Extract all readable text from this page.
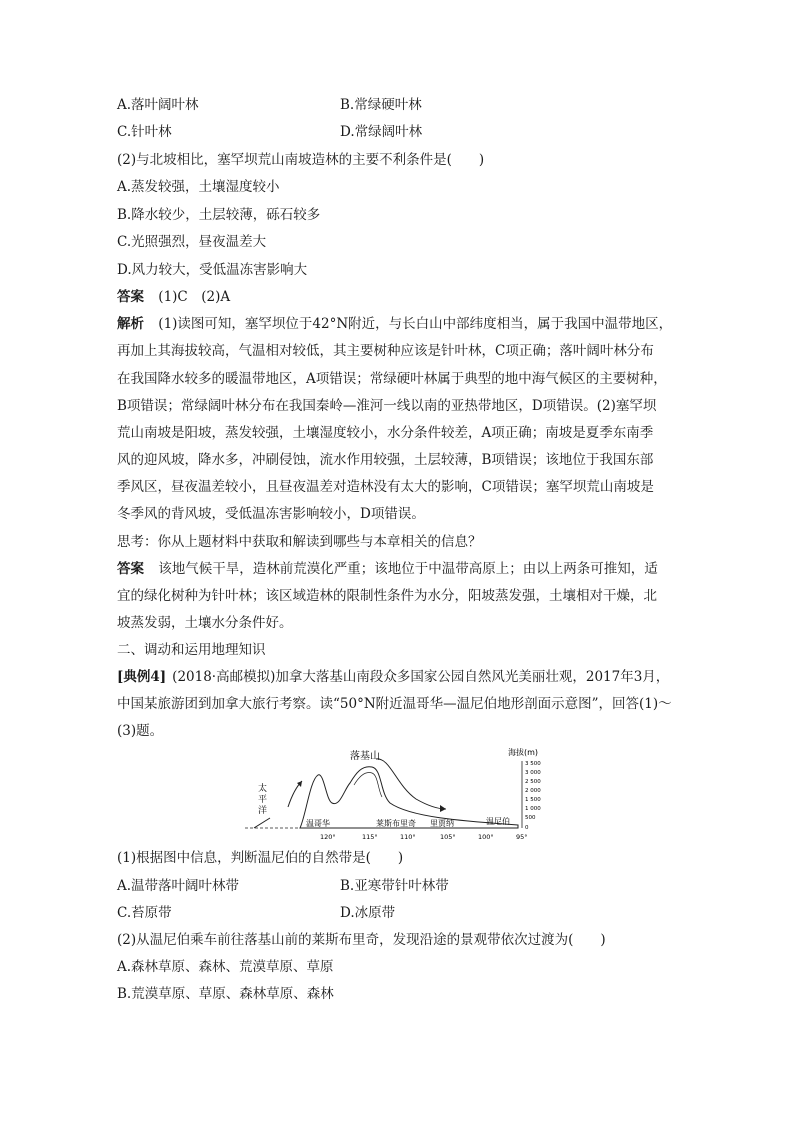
A.落叶阔叶林	B.常绿硬叶林
C.针叶林	D.常绿阔叶林
(2)与北坡相比，塞罕坝荒山南坡造林的主要不利条件是(　　)
A.蒸发较强，土壤湿度较小
B.降水较少，土层较薄，砾石较多
C.光照强烈，昼夜温差大
D.风力较大，受低温冻害影响大
答案 (1)C　(2)A
解析 (1)读图可知，塞罕坝位于42°N附近，与长白山中部纬度相当，属于我国中温带地区，
再加上其海拔较高，气温相对较低，其主要树种应该是针叶林，C项正确；落叶阔叶林分布
在我国降水较多的暖温带地区，A项错误；常绿硬叶林属于典型的地中海气候区的主要树种，
B项错误；常绿阔叶林分布在我国秦岭—淮河一线以南的亚热带地区，D项错误。(2)塞罕坝
荒山南坡是阳坡，蒸发较强，土壤湿度较小，水分条件较差，A项正确；南坡是夏季东南季
风的迎风坡，降水多，冲刷侵蚀，流水作用较强，土层较薄，B项错误；该地位于我国东部
季风区，昼夜温差较小，且昼夜温差对造林没有太大的影响，C项错误；塞罕坝荒山南坡是
冬季风的背风坡，受低温冻害影响较小，D项错误。
思考：你从上题材料中获取和解读到哪些与本章相关的信息？
答案 该地气候干旱，造林前荒漠化严重；该地位于中温带高原上；由以上两条可推知，适
宜的绿化树种为针叶林；该区域造林的限制性条件为水分，阳坡蒸发强，土壤相对干燥，北
坡蒸发弱，土壤水分条件好。
二、调动和运用地理知识
[典例4] (2018·高邮模拟)加拿大落基山南段众多国家公园自然风光美丽壮观，2017年3月，
中国某旅游团到加拿大旅行考察。读“50°N附近温哥华—温尼伯地形剖面示意图”，回答(1)～
(3)题。
太
平
洋
落基山
温哥华	莱斯布里奇 里贾纳	温尼伯
120°	115°	110°	105°	100°	95°
海拔(m)
3 500
3 000
2 500
2 000
1 500
1 000
500
0
(1)根据图中信息，判断温尼伯的自然带是(　　)
A.温带落叶阔叶林带	B.亚寒带针叶林带
C.苔原带	D.冰原带
(2)从温尼伯乘车前往落基山前的莱斯布里奇，发现沿途的景观带依次过渡为(　　)
A.森林草原、森林、荒漠草原、草原
B.荒漠草原、草原、森林草原、森林
